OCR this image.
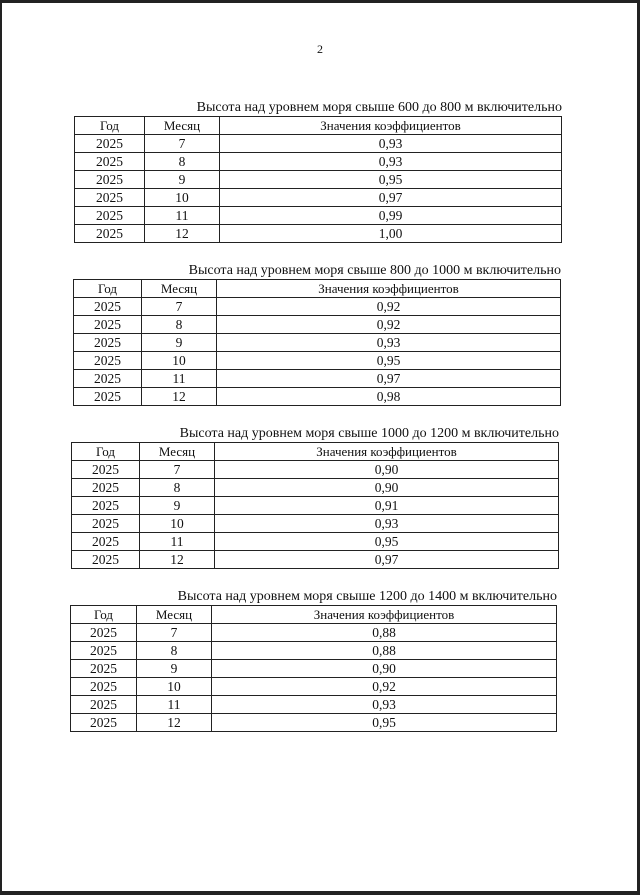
2
Высота над уровнем моря свыше 600 до 800 м включительно
Год	Месяц	Значения коэффициентов
2025	7	0,93
2025	8	0,93
2025	9	0,95
2025	10	0,97
2025	11	0,99
2025	12	1,00
Высота над уровнем моря свыше 800 до 1000 м включительно
Год	Месяц	Значения коэффициентов
2025	7	0,92
2025	8	0,92
2025	9	0,93
2025	10	0,95
2025	11	0,97
2025	12	0,98
Высота над уровнем моря свыше 1000 до 1200 м включительно
Год	Месяц	Значения коэффициентов
2025	7	0,90
2025	8	0,90
2025	9	0,91
2025	10	0,93
2025	11	0,95
2025	12	0,97
Высота над уровнем моря свыше 1200 до 1400 м включительно
Год	Месяц	Значения коэффициентов
2025	7	0,88
2025	8	0,88
2025	9	0,90
2025	10	0,92
2025	11	0,93
2025	12	0,95
